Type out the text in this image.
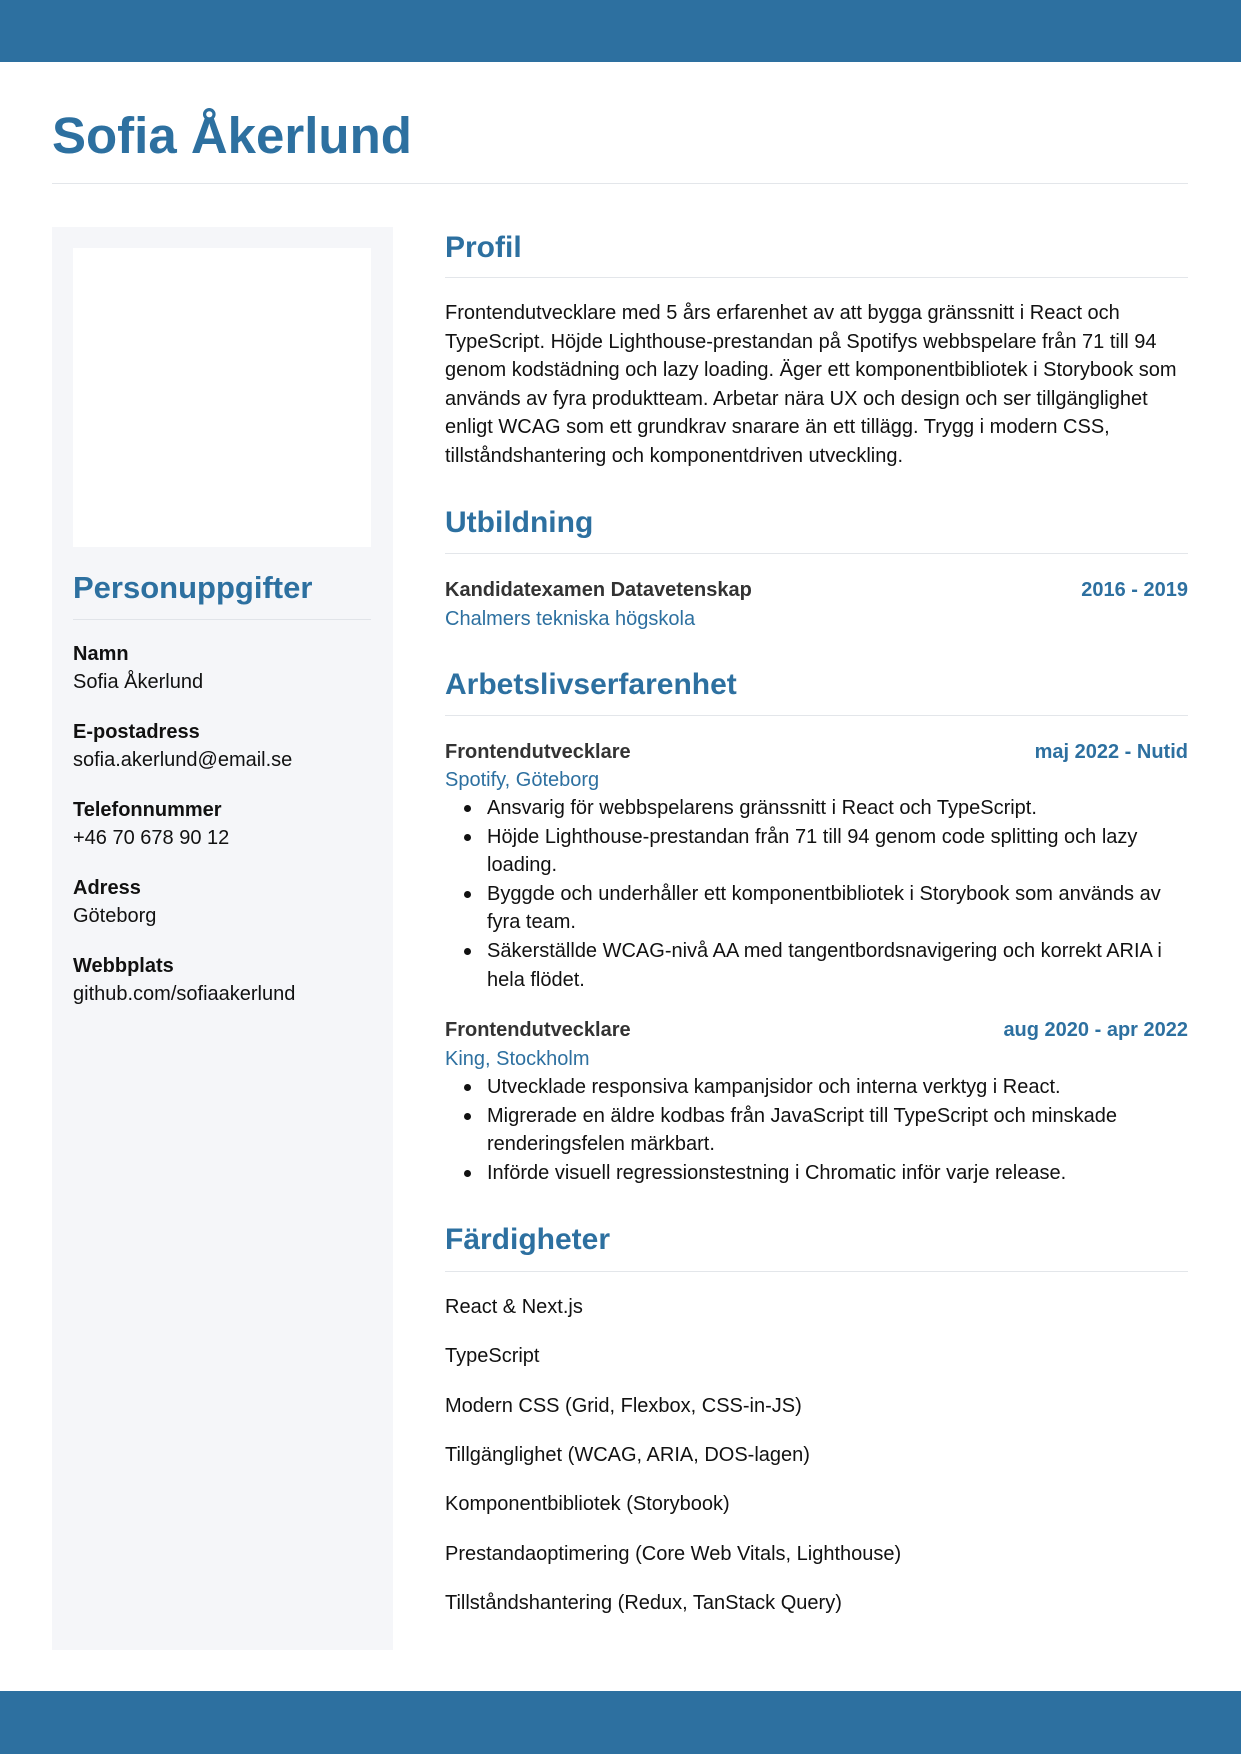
Sofia Åkerlund
Personuppgifter
Namn
Sofia Åkerlund
E-postadress
sofia.akerlund@email.se
Telefonnummer
+46 70 678 90 12
Adress
Göteborg
Webbplats
github.com/sofiaakerlund
Profil

Frontendutvecklare med 5 års erfarenhet av att bygga gränssnitt i React och TypeScript. Höjde Lighthouse-prestandan på Spotifys webbspelare från 71 till 94 genom kodstädning och lazy loading. Äger ett komponentbibliotek i Storybook som används av fyra produktteam. Arbetar nära UX och design och ser tillgänglighet enligt WCAG som ett grundkrav snarare än ett tillägg. Trygg i modern CSS, tillståndshantering och komponentdriven utveckling.

Utbildning
Kandidatexamen Datavetenskap	2016 - 2019
Chalmers tekniska högskola
Arbetslivserfarenhet
Frontendutvecklare	maj 2022 - Nutid
Spotify, Göteborg
Ansvarig för webbspelarens gränssnitt i React och TypeScript.
Höjde Lighthouse-prestandan från 71 till 94 genom code splitting och lazy loading.
Byggde och underhåller ett komponentbibliotek i Storybook som används av fyra team.
Säkerställde WCAG-nivå AA med tangentbordsnavigering och korrekt ARIA i hela flödet.
Frontendutvecklare	aug 2020 - apr 2022
King, Stockholm
Utvecklade responsiva kampanjsidor och interna verktyg i React.
Migrerade en äldre kodbas från JavaScript till TypeScript och minskade renderingsfelen märkbart.
Införde visuell regressionstestning i Chromatic inför varje release.
Färdigheter
React & Next.js
TypeScript
Modern CSS (Grid, Flexbox, CSS-in-JS)
Tillgänglighet (WCAG, ARIA, DOS-lagen)
Komponentbibliotek (Storybook)
Prestandaoptimering (Core Web Vitals, Lighthouse)
Tillståndshantering (Redux, TanStack Query)
